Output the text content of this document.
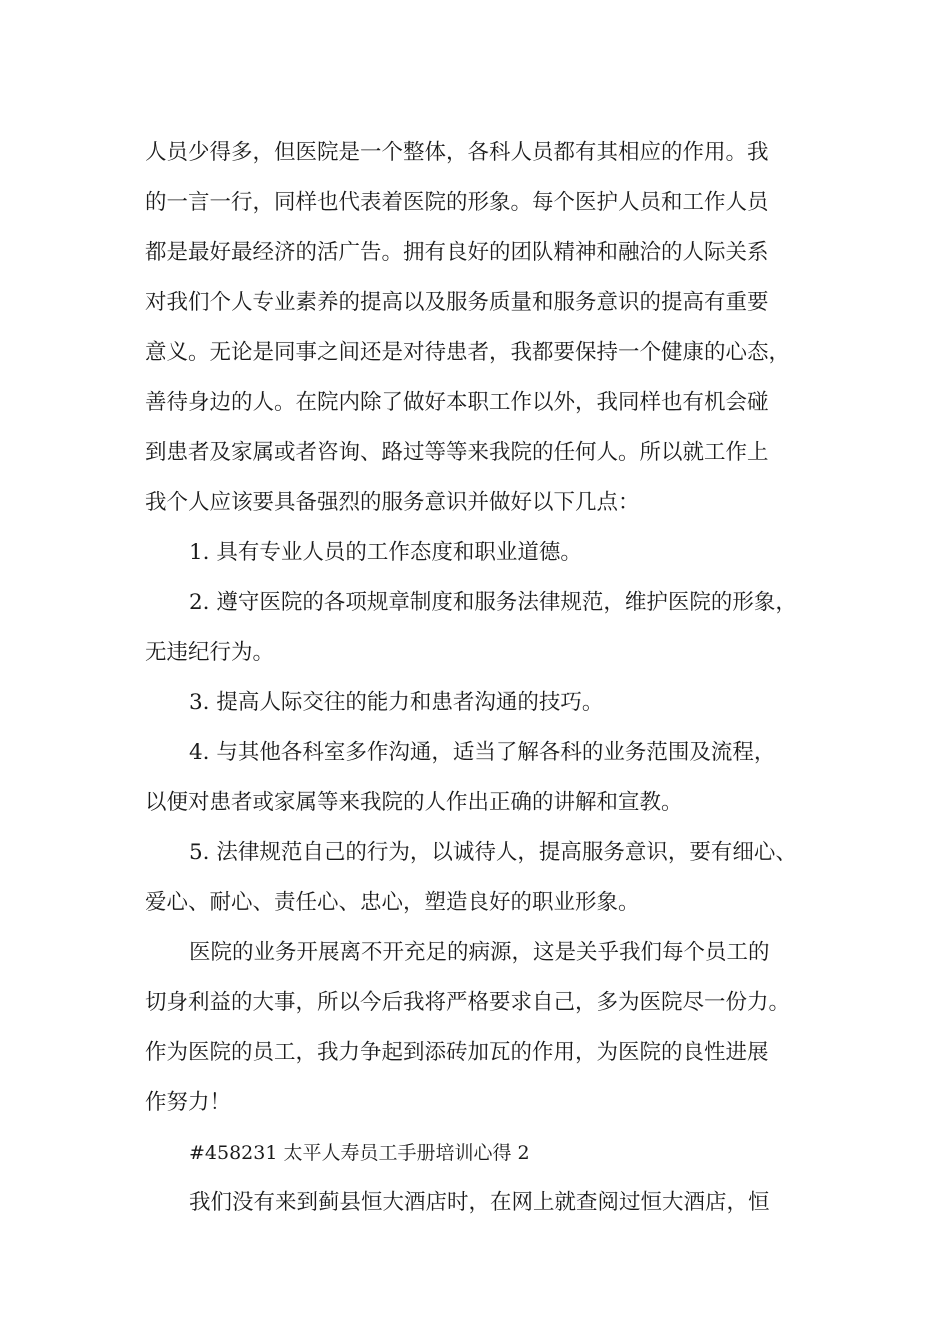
人员少得多，但医院是一个整体，各科人员都有其相应的作用。我
的一言一行，同样也代表着医院的形象。每个医护人员和工作人员
都是最好最经济的活广告。拥有良好的团队精神和融洽的人际关系
对我们个人专业素养的提高以及服务质量和服务意识的提高有重要
意义。无论是同事之间还是对待患者，我都要保持一个健康的心态，
善待身边的人。在院内除了做好本职工作以外，我同样也有机会碰
到患者及家属或者咨询、路过等等来我院的任何人。所以就工作上
我个人应该要具备强烈的服务意识并做好以下几点：
1. 具有专业人员的工作态度和职业道德。
2. 遵守医院的各项规章制度和服务法律规范，维护医院的形象，
无违纪行为。
3. 提高人际交往的能力和患者沟通的技巧。
4. 与其他各科室多作沟通，适当了解各科的业务范围及流程，
以便对患者或家属等来我院的人作出正确的讲解和宣教。
5. 法律规范自己的行为，以诚待人，提高服务意识，要有细心、
爱心、耐心、责任心、忠心，塑造良好的职业形象。
医院的业务开展离不开充足的病源，这是关乎我们每个员工的
切身利益的大事，所以今后我将严格要求自己，多为医院尽一份力。
作为医院的员工，我力争起到添砖加瓦的作用，为医院的良性进展
作努力！
#458231 太平人寿员工手册培训心得 2
我们没有来到蓟县恒大酒店时，在网上就查阅过恒大酒店，恒
